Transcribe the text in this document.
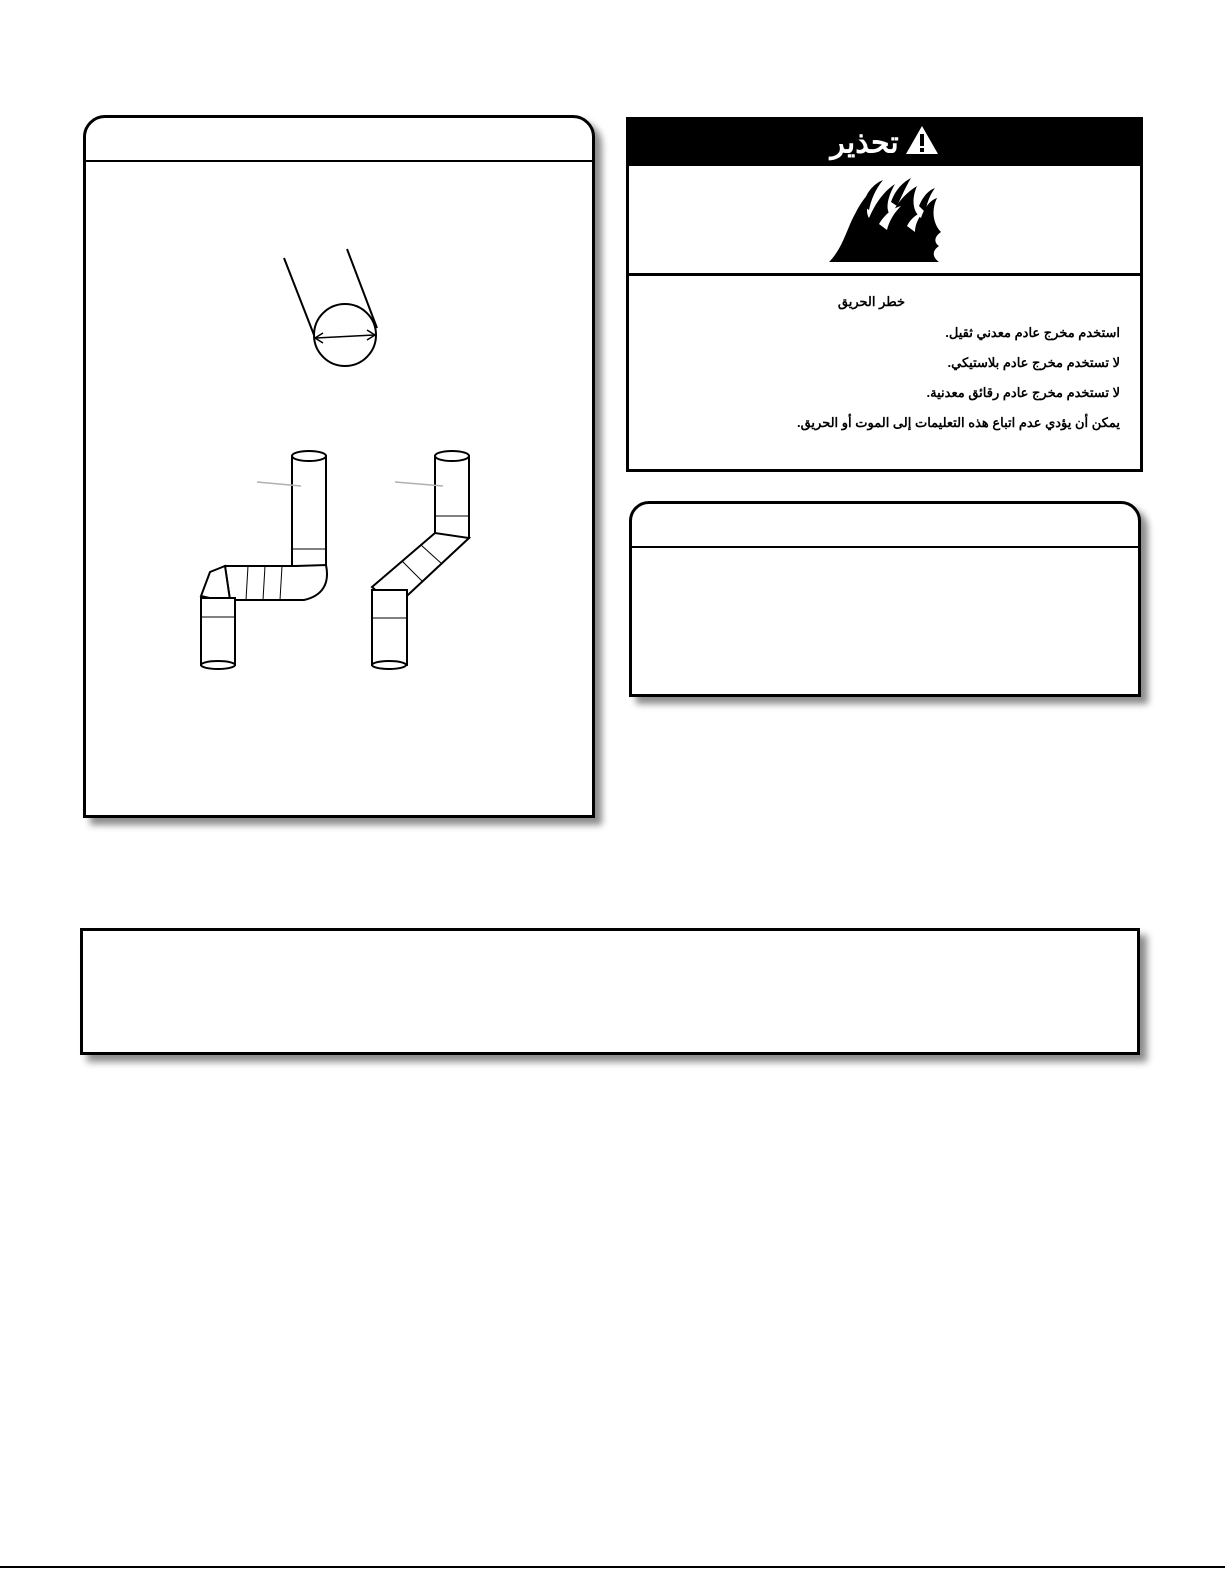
تحذير
خطر الحريق
استخدم مخرج عادم معدني ثقيل.
لا تستخدم مخرج عادم بلاستيكي.
لا تستخدم مخرج عادم رقائق معدنية.
يمكن أن يؤدي عدم اتباع هذه التعليمات إلى الموت أو الحريق.
